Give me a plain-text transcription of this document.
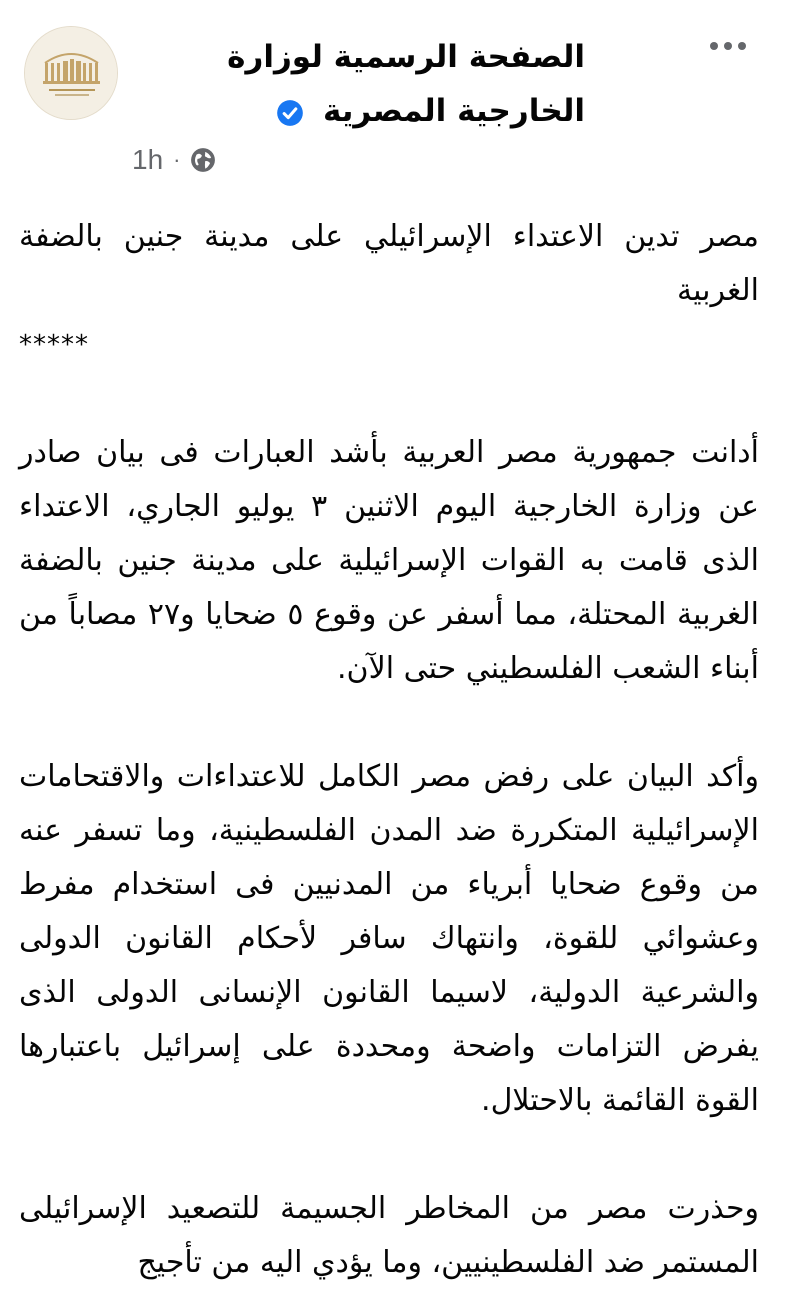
الصفحة الرسمية لوزارة الخارجية المصرية
1h ·

مصر تدين الاعتداء الإسرائيلي على مدينة جنين بالضفة الغربية

*****

أدانت جمهورية مصر العربية بأشد العبارات فى بيان صادر عن وزارة الخارجية اليوم الاثنين ٣ يوليو الجاري، الاعتداء الذى قامت به القوات الإسرائيلية على مدينة جنين بالضفة الغربية المحتلة، مما أسفر عن وقوع ٥ ضحايا و٢٧ مصاباً من أبناء الشعب الفلسطيني حتى الآن.

وأكد البيان على رفض مصر الكامل للاعتداءات والاقتحامات الإسرائيلية المتكررة ضد المدن الفلسطينية، وما تسفر عنه من وقوع ضحايا أبرياء من المدنيين فى استخدام مفرط وعشوائي للقوة، وانتهاك سافر لأحكام القانون الدولى والشرعية الدولية، لاسيما القانون الإنسانى الدولى الذى يفرض التزامات واضحة ومحددة على إسرائيل باعتبارها القوة القائمة بالاحتلال.

وحذرت مصر من المخاطر الجسيمة للتصعيد الإسرائيلى المستمر ضد الفلسطينيين، وما يؤدي اليه من تأجيج
